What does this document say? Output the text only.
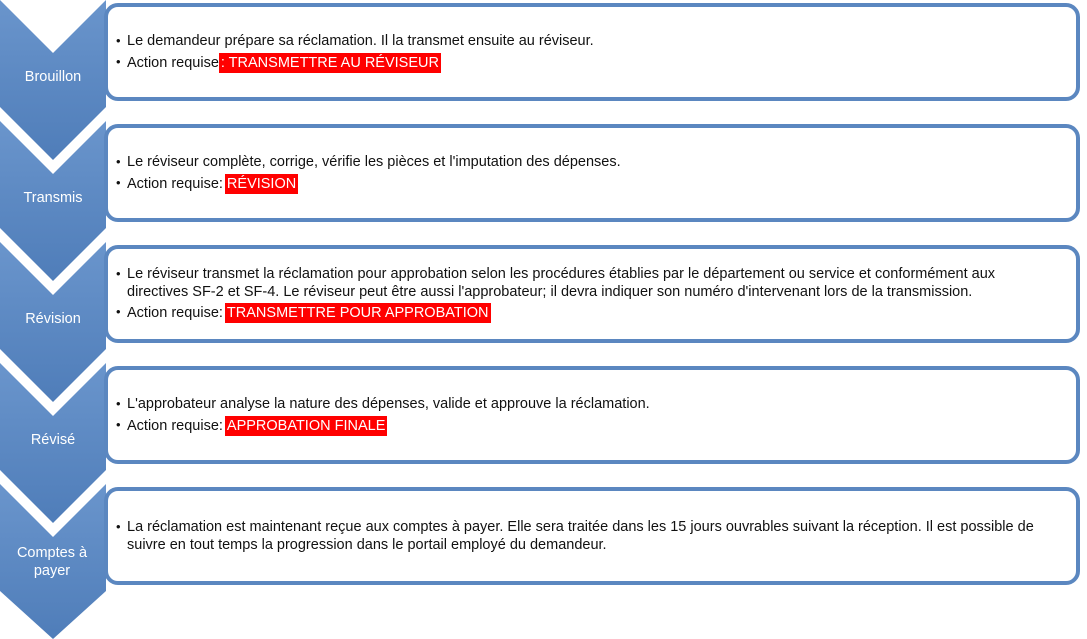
Brouillon
Transmis
Révision
Révisé
Comptes à payer
• Le demandeur prépare sa réclamation. Il la transmet ensuite au réviseur.
• Action requise : TRANSMETTRE AU RÉVISEUR
• Le réviseur complète, corrige, vérifie les pièces et l'imputation des dépenses.
• Action requise: RÉVISION
• Le réviseur transmet la réclamation pour approbation selon les procédures établies par le département ou service et conformément aux directives SF-2 et SF-4. Le réviseur peut être aussi l'approbateur; il devra indiquer son numéro d'intervenant lors de la transmission.
• Action requise: TRANSMETTRE POUR APPROBATION
• L'approbateur analyse la nature des dépenses, valide et approuve la réclamation.
• Action requise: APPROBATION FINALE
• La réclamation est maintenant reçue aux comptes à payer. Elle sera traitée dans les 15 jours ouvrables suivant la réception. Il est possible de suivre en tout temps la progression dans le portail employé du demandeur.
